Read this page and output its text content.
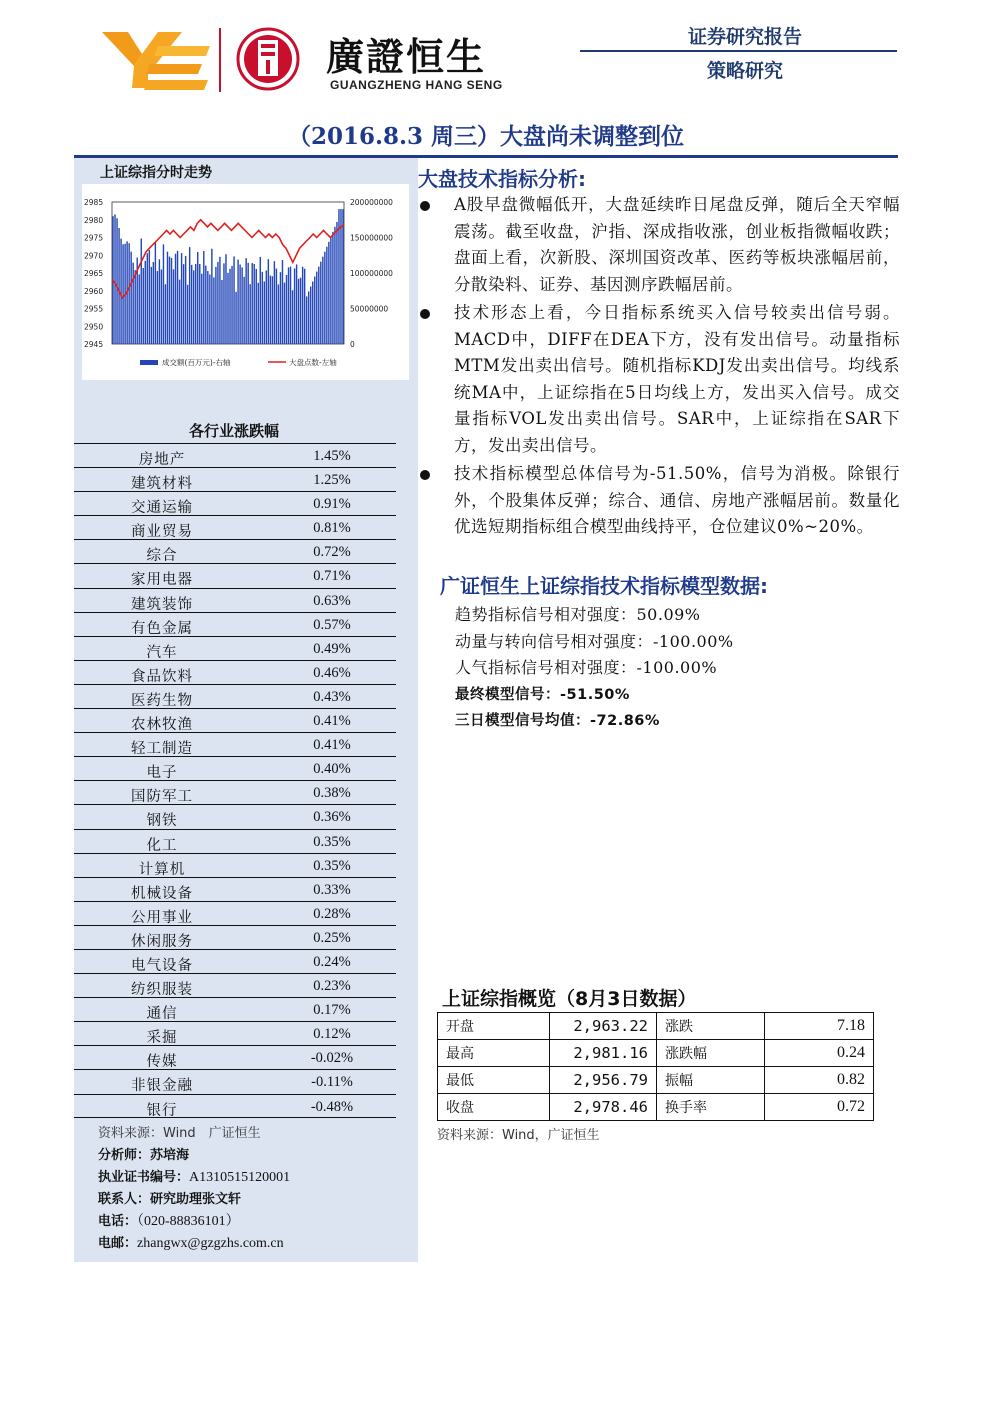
廣證恒生
GUANGZHENG HANG SENG
证券研究报告
策略研究
（2016.8.3 周三）大盘尚未调整到位
上证综指分时走势
2985
2980
2975
2970
2965
2960
2955
2950
2945
200000000
150000000
100000000
50000000
0
成交额(百万元)-右轴	大盘点数-左轴
各行业涨跌幅
房地产	1.45%
建筑材料	1.25%
交通运输	0.91%
商业贸易	0.81%
综合	0.72%
家用电器	0.71%
建筑装饰	0.63%
有色金属	0.57%
汽车	0.49%
食品饮料	0.46%
医药生物	0.43%
农林牧渔	0.41%
轻工制造	0.41%
电子	0.40%
国防军工	0.38%
钢铁	0.36%
化工	0.35%
计算机	0.35%
机械设备	0.33%
公用事业	0.28%
休闲服务	0.25%
电气设备	0.24%
纺织服装	0.23%
通信	0.17%
采掘	0.12%
传媒	-0.02%
非银金融	-0.11%
银行	-0.48%
资料来源：Wind　广证恒生
分析师：苏培海
执业证书编号：A1310515120001
联系人：研究助理张文轩
电话：（020-88836101）
电邮：zhangwx@gzgzhs.com.cn
大盘技术指标分析:
A股早盘微幅低开，大盘延续昨日尾盘反弹，随后全天窄幅震荡。截至收盘，沪指、深成指收涨，创业板指微幅收跌；盘面上看，次新股、深圳国资改革、医药等板块涨幅居前，分散染料、证券、基因测序跌幅居前。
技术形态上看，今日指标系统买入信号较卖出信号弱。MACD中，DIFF在DEA下方，没有发出信号。动量指标MTM发出卖出信号。随机指标KDJ发出卖出信号。均线系统MA中，上证综指在5日均线上方，发出买入信号。成交量指标VOL发出卖出信号。SAR中，上证综指在SAR下方，发出卖出信号。
技术指标模型总体信号为-51.50%，信号为消极。除银行外，个股集体反弹；综合、通信、房地产涨幅居前。数量化优选短期指标组合模型曲线持平，仓位建议0%~20%。
广证恒生上证综指技术指标模型数据:
趋势指标信号相对强度：50.09%
动量与转向信号相对强度：-100.00%
人气指标信号相对强度：-100.00%
最终模型信号：-51.50%
三日模型信号均值：-72.86%
上证综指概览（8月3日数据）
开盘	2,963.22	涨跌	7.18
最高	2,981.16	涨跌幅	0.24
最低	2,956.79	振幅	0.82
收盘	2,978.46	换手率	0.72
资料来源：Wind，广证恒生
